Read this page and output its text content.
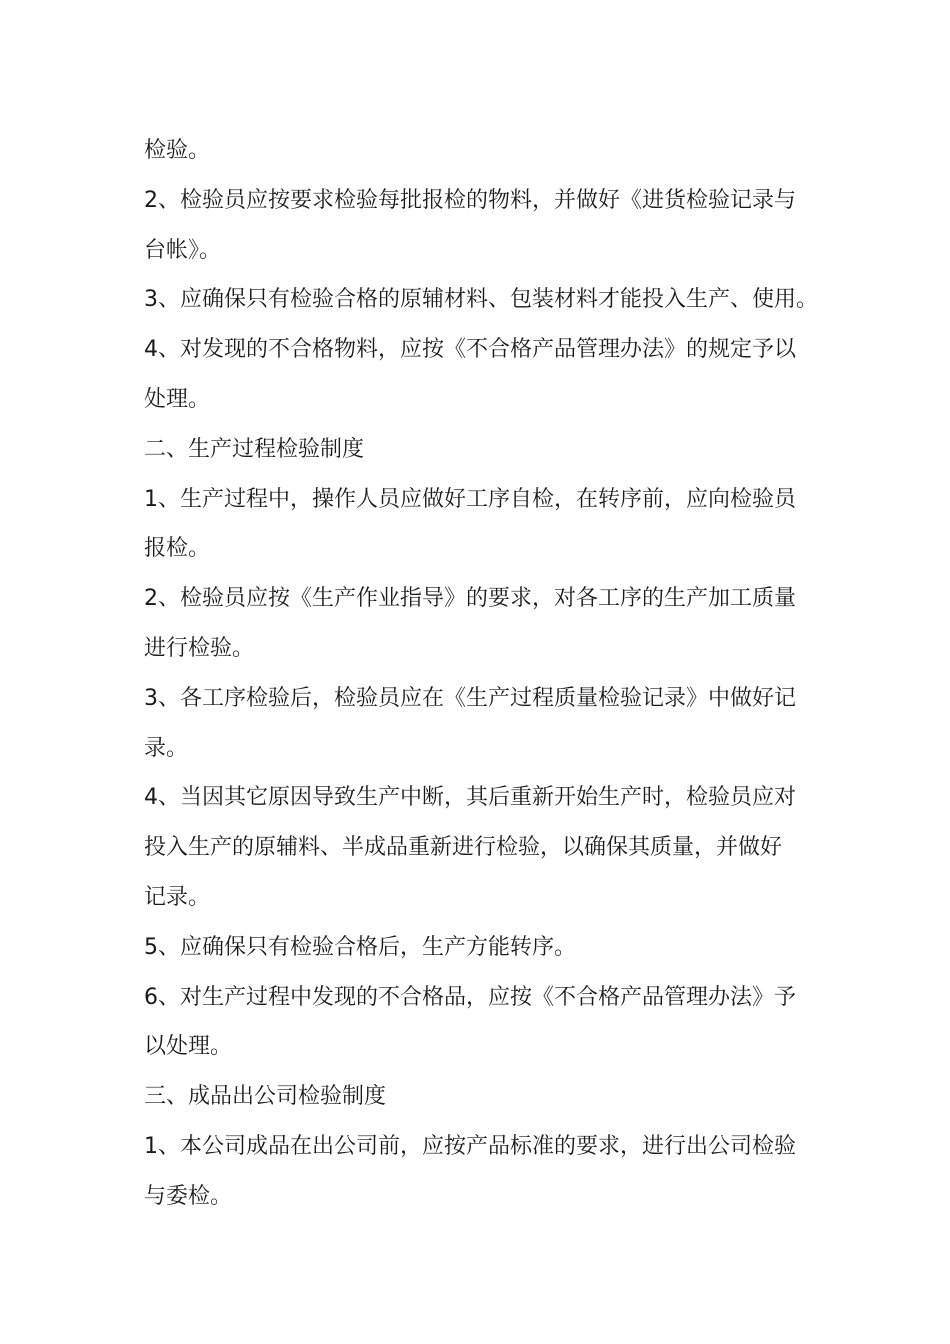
检验。
2、检验员应按要求检验每批报检的物料，并做好《进货检验记录与
台帐》。
3、应确保只有检验合格的原辅材料、包装材料才能投入生产、使用。
4、对发现的不合格物料，应按《不合格产品管理办法》的规定予以
处理。
二、生产过程检验制度
1、生产过程中，操作人员应做好工序自检，在转序前，应向检验员
报检。
2、检验员应按《生产作业指导》的要求，对各工序的生产加工质量
进行检验。
3、各工序检验后，检验员应在《生产过程质量检验记录》中做好记
录。
4、当因其它原因导致生产中断，其后重新开始生产时，检验员应对
投入生产的原辅料、半成品重新进行检验，以确保其质量，并做好
记录。
5、应确保只有检验合格后，生产方能转序。
6、对生产过程中发现的不合格品，应按《不合格产品管理办法》予
以处理。
三、成品出公司检验制度
1、本公司成品在出公司前，应按产品标准的要求，进行出公司检验
与委检。
